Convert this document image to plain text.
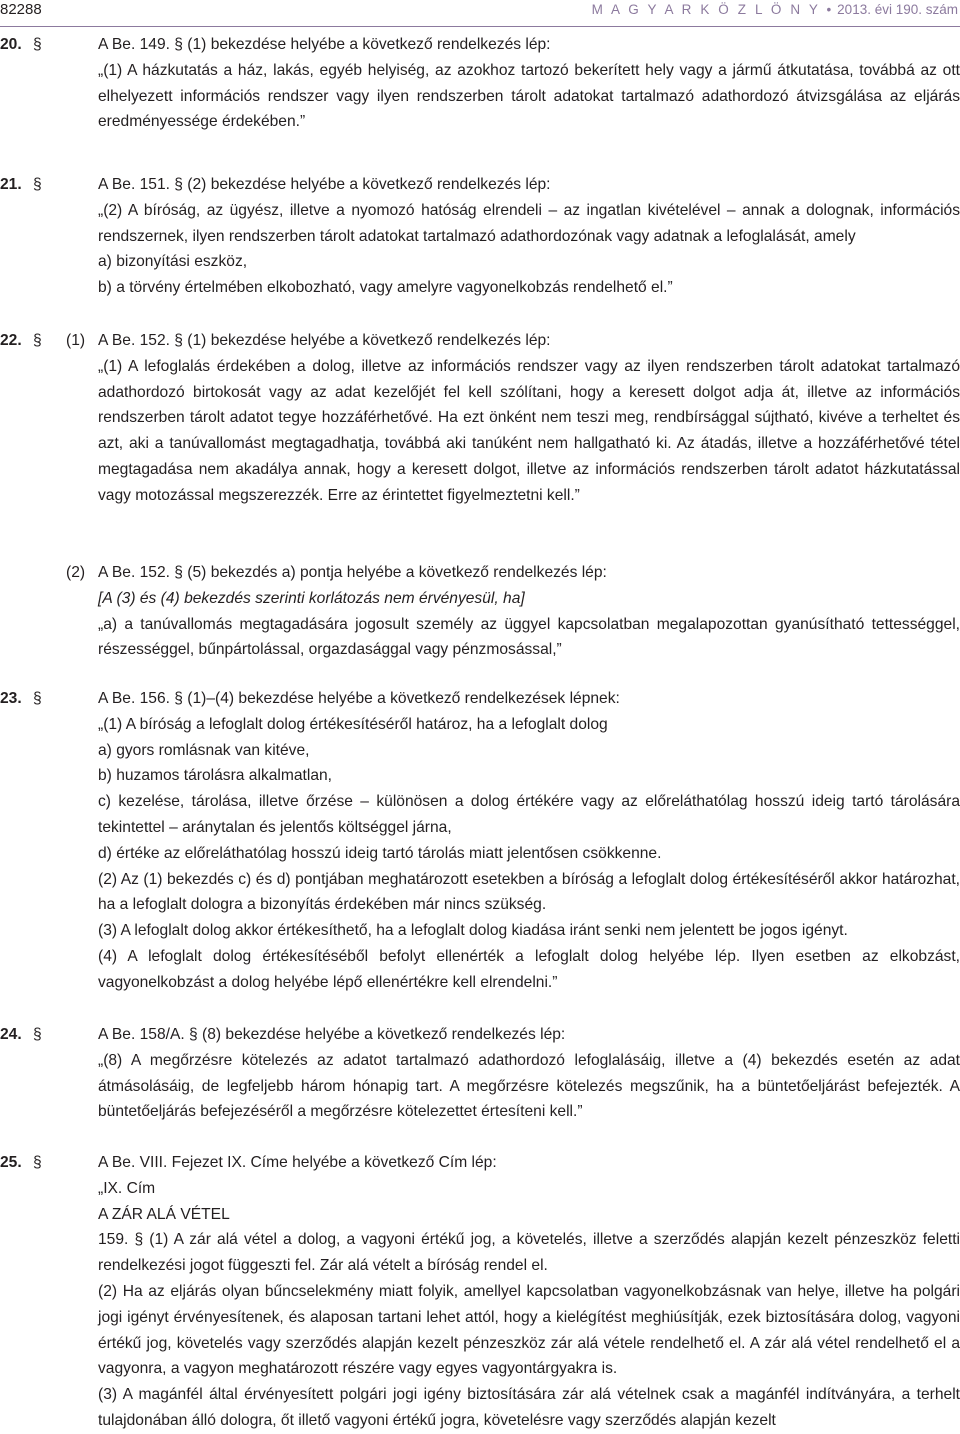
82288	M A G Y A R K Ö Z L Ö N Y • 2013. évi 190. szám
20. §	A Be. 149. § (1) bekezdése helyébe a következő rendelkezés lép:
„(1) A házkutatás a ház, lakás, egyéb helyiség, az azokhoz tartozó bekerített hely vagy a jármű átkutatása, továbbá az ott elhelyezett információs rendszer vagy ilyen rendszerben tárolt adatokat tartalmazó adathordozó átvizsgálása az eljárás eredményessége érdekében.”
21. §	A Be. 151. § (2) bekezdése helyébe a következő rendelkezés lép:
„(2) A bíróság, az ügyész, illetve a nyomozó hatóság elrendeli – az ingatlan kivételével – annak a dolognak, információs rendszernek, ilyen rendszerben tárolt adatokat tartalmazó adathordozónak vagy adatnak a lefoglalását, amely
a) bizonyítási eszköz,
b) a törvény értelmében elkobozható, vagy amelyre vagyonelkobzás rendelhető el.”
22. § (1) A Be. 152. § (1) bekezdése helyébe a következő rendelkezés lép:
„(1) A lefoglalás érdekében a dolog, illetve az információs rendszer vagy az ilyen rendszerben tárolt adatokat tartalmazó adathordozó birtokosát vagy az adat kezelőjét fel kell szólítani, hogy a keresett dolgot adja át, illetve az információs rendszerben tárolt adatot tegye hozzáférhetővé. Ha ezt önként nem teszi meg, rendbírsággal sújtható, kivéve a terheltet és azt, aki a tanúvallomást megtagadhatja, továbbá aki tanúként nem hallgatható ki. Az átadás, illetve a hozzáférhetővé tétel megtagadása nem akadálya annak, hogy a keresett dolgot, illetve az információs rendszerben tárolt adatot házkutatással vagy motozással megszerezzék. Erre az érintettet figyelmeztetni kell.”
(2) A Be. 152. § (5) bekezdés a) pontja helyébe a következő rendelkezés lép:
[A (3) és (4) bekezdés szerinti korlátozás nem érvényesül, ha]
„a) a tanúvallomás megtagadására jogosult személy az üggyel kapcsolatban megalapozottan gyanúsítható tettességgel, részességgel, bűnpártolással, orgazdasággal vagy pénzmosással,”
23. §	A Be. 156. § (1)–(4) bekezdése helyébe a következő rendelkezések lépnek:
„(1) A bíróság a lefoglalt dolog értékesítéséről határoz, ha a lefoglalt dolog
a) gyors romlásnak van kitéve,
b) huzamos tárolásra alkalmatlan,
c) kezelése, tárolása, illetve őrzése – különösen a dolog értékére vagy az előreláthatólag hosszú ideig tartó tárolására tekintettel – aránytalan és jelentős költséggel járna,
d) értéke az előreláthatólag hosszú ideig tartó tárolás miatt jelentősen csökkenne.
(2) Az (1) bekezdés c) és d) pontjában meghatározott esetekben a bíróság a lefoglalt dolog értékesítéséről akkor határozhat, ha a lefoglalt dologra a bizonyítás érdekében már nincs szükség.
(3) A lefoglalt dolog akkor értékesíthető, ha a lefoglalt dolog kiadása iránt senki nem jelentett be jogos igényt.
(4) A lefoglalt dolog értékesítéséből befolyt ellenérték a lefoglalt dolog helyébe lép. Ilyen esetben az elkobzást, vagyonelkobzást a dolog helyébe lépő ellenértékre kell elrendelni.”
24. §	A Be. 158/A. § (8) bekezdése helyébe a következő rendelkezés lép:
„(8) A megőrzésre kötelezés az adatot tartalmazó adathordozó lefoglalásáig, illetve a (4) bekezdés esetén az adat átmásolásáig, de legfeljebb három hónapig tart. A megőrzésre kötelezés megszűnik, ha a büntetőeljárást befejezték. A büntetőeljárás befejezéséről a megőrzésre kötelezettet értesíteni kell.”
25. §	A Be. VIII. Fejezet IX. Címe helyébe a következő Cím lép:
„IX. Cím
A ZÁR ALÁ VÉTEL
159. § (1) A zár alá vétel a dolog, a vagyoni értékű jog, a követelés, illetve a szerződés alapján kezelt pénzeszköz feletti rendelkezési jogot függeszti fel. Zár alá vételt a bíróság rendel el.
(2) Ha az eljárás olyan bűncselekmény miatt folyik, amellyel kapcsolatban vagyonelkobzásnak van helye, illetve ha polgári jogi igényt érvényesítenek, és alaposan tartani lehet attól, hogy a kielégítést meghiúsítják, ezek biztosítására dolog, vagyoni értékű jog, követelés vagy szerződés alapján kezelt pénzeszköz zár alá vétele rendelhető el. A zár alá vétel rendelhető el a vagyonra, a vagyon meghatározott részére vagy egyes vagyontárgyakra is.
(3) A magánfél által érvényesített polgári jogi igény biztosítására zár alá vételnek csak a magánfél indítványára, a terhelt tulajdonában álló dologra, őt illető vagyoni értékű jogra, követelésre vagy szerződés alapján kezelt
